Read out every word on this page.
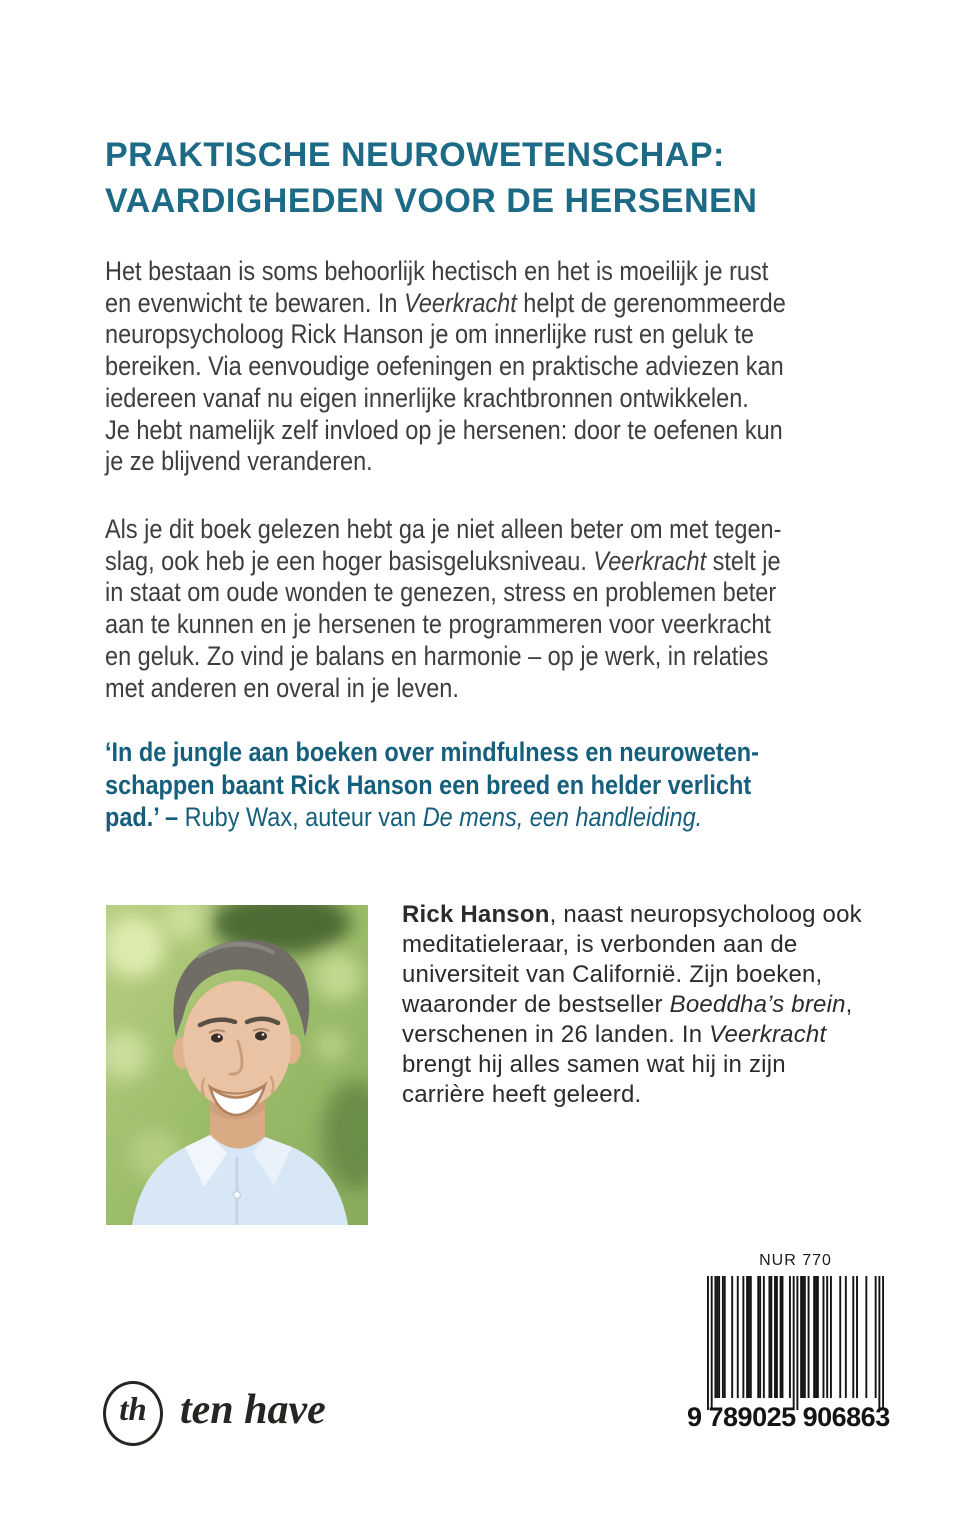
PRAKTISCHE NEUROWETENSCHAP:
VAARDIGHEDEN VOOR DE HERSENEN
Het bestaan is soms behoorlijk hectisch en het is moeilijk je rust
en evenwicht te bewaren. In Veerkracht helpt de gerenommeerde
neuropsycholoog Rick Hanson je om innerlijke rust en geluk te
bereiken. Via eenvoudige oefeningen en praktische adviezen kan
iedereen vanaf nu eigen innerlijke krachtbronnen ontwikkelen.
Je hebt namelijk zelf invloed op je hersenen: door te oefenen kun
je ze blijvend veranderen.
Als je dit boek gelezen hebt ga je niet alleen beter om met tegen-
slag, ook heb je een hoger basisgeluksniveau. Veerkracht stelt je
in staat om oude wonden te genezen, stress en problemen beter
aan te kunnen en je hersenen te programmeren voor veerkracht
en geluk. Zo vind je balans en harmonie – op je werk, in relaties
met anderen en overal in je leven.
‘In de jungle aan boeken over mindfulness en neuroweten-
schappen baant Rick Hanson een breed en helder verlicht
pad.’ – Ruby Wax, auteur van De mens, een handleiding.
Rick Hanson, naast neuropsycholoog ook
meditatieleraar, is verbonden aan de
universiteit van Californië. Zijn boeken,
waaronder de bestseller Boeddha’s brein,
verschenen in 26 landen. In Veerkracht
brengt hij alles samen wat hij in zijn
carrière heeft geleerd.
NUR 770
9 789025 906863
th ten have
